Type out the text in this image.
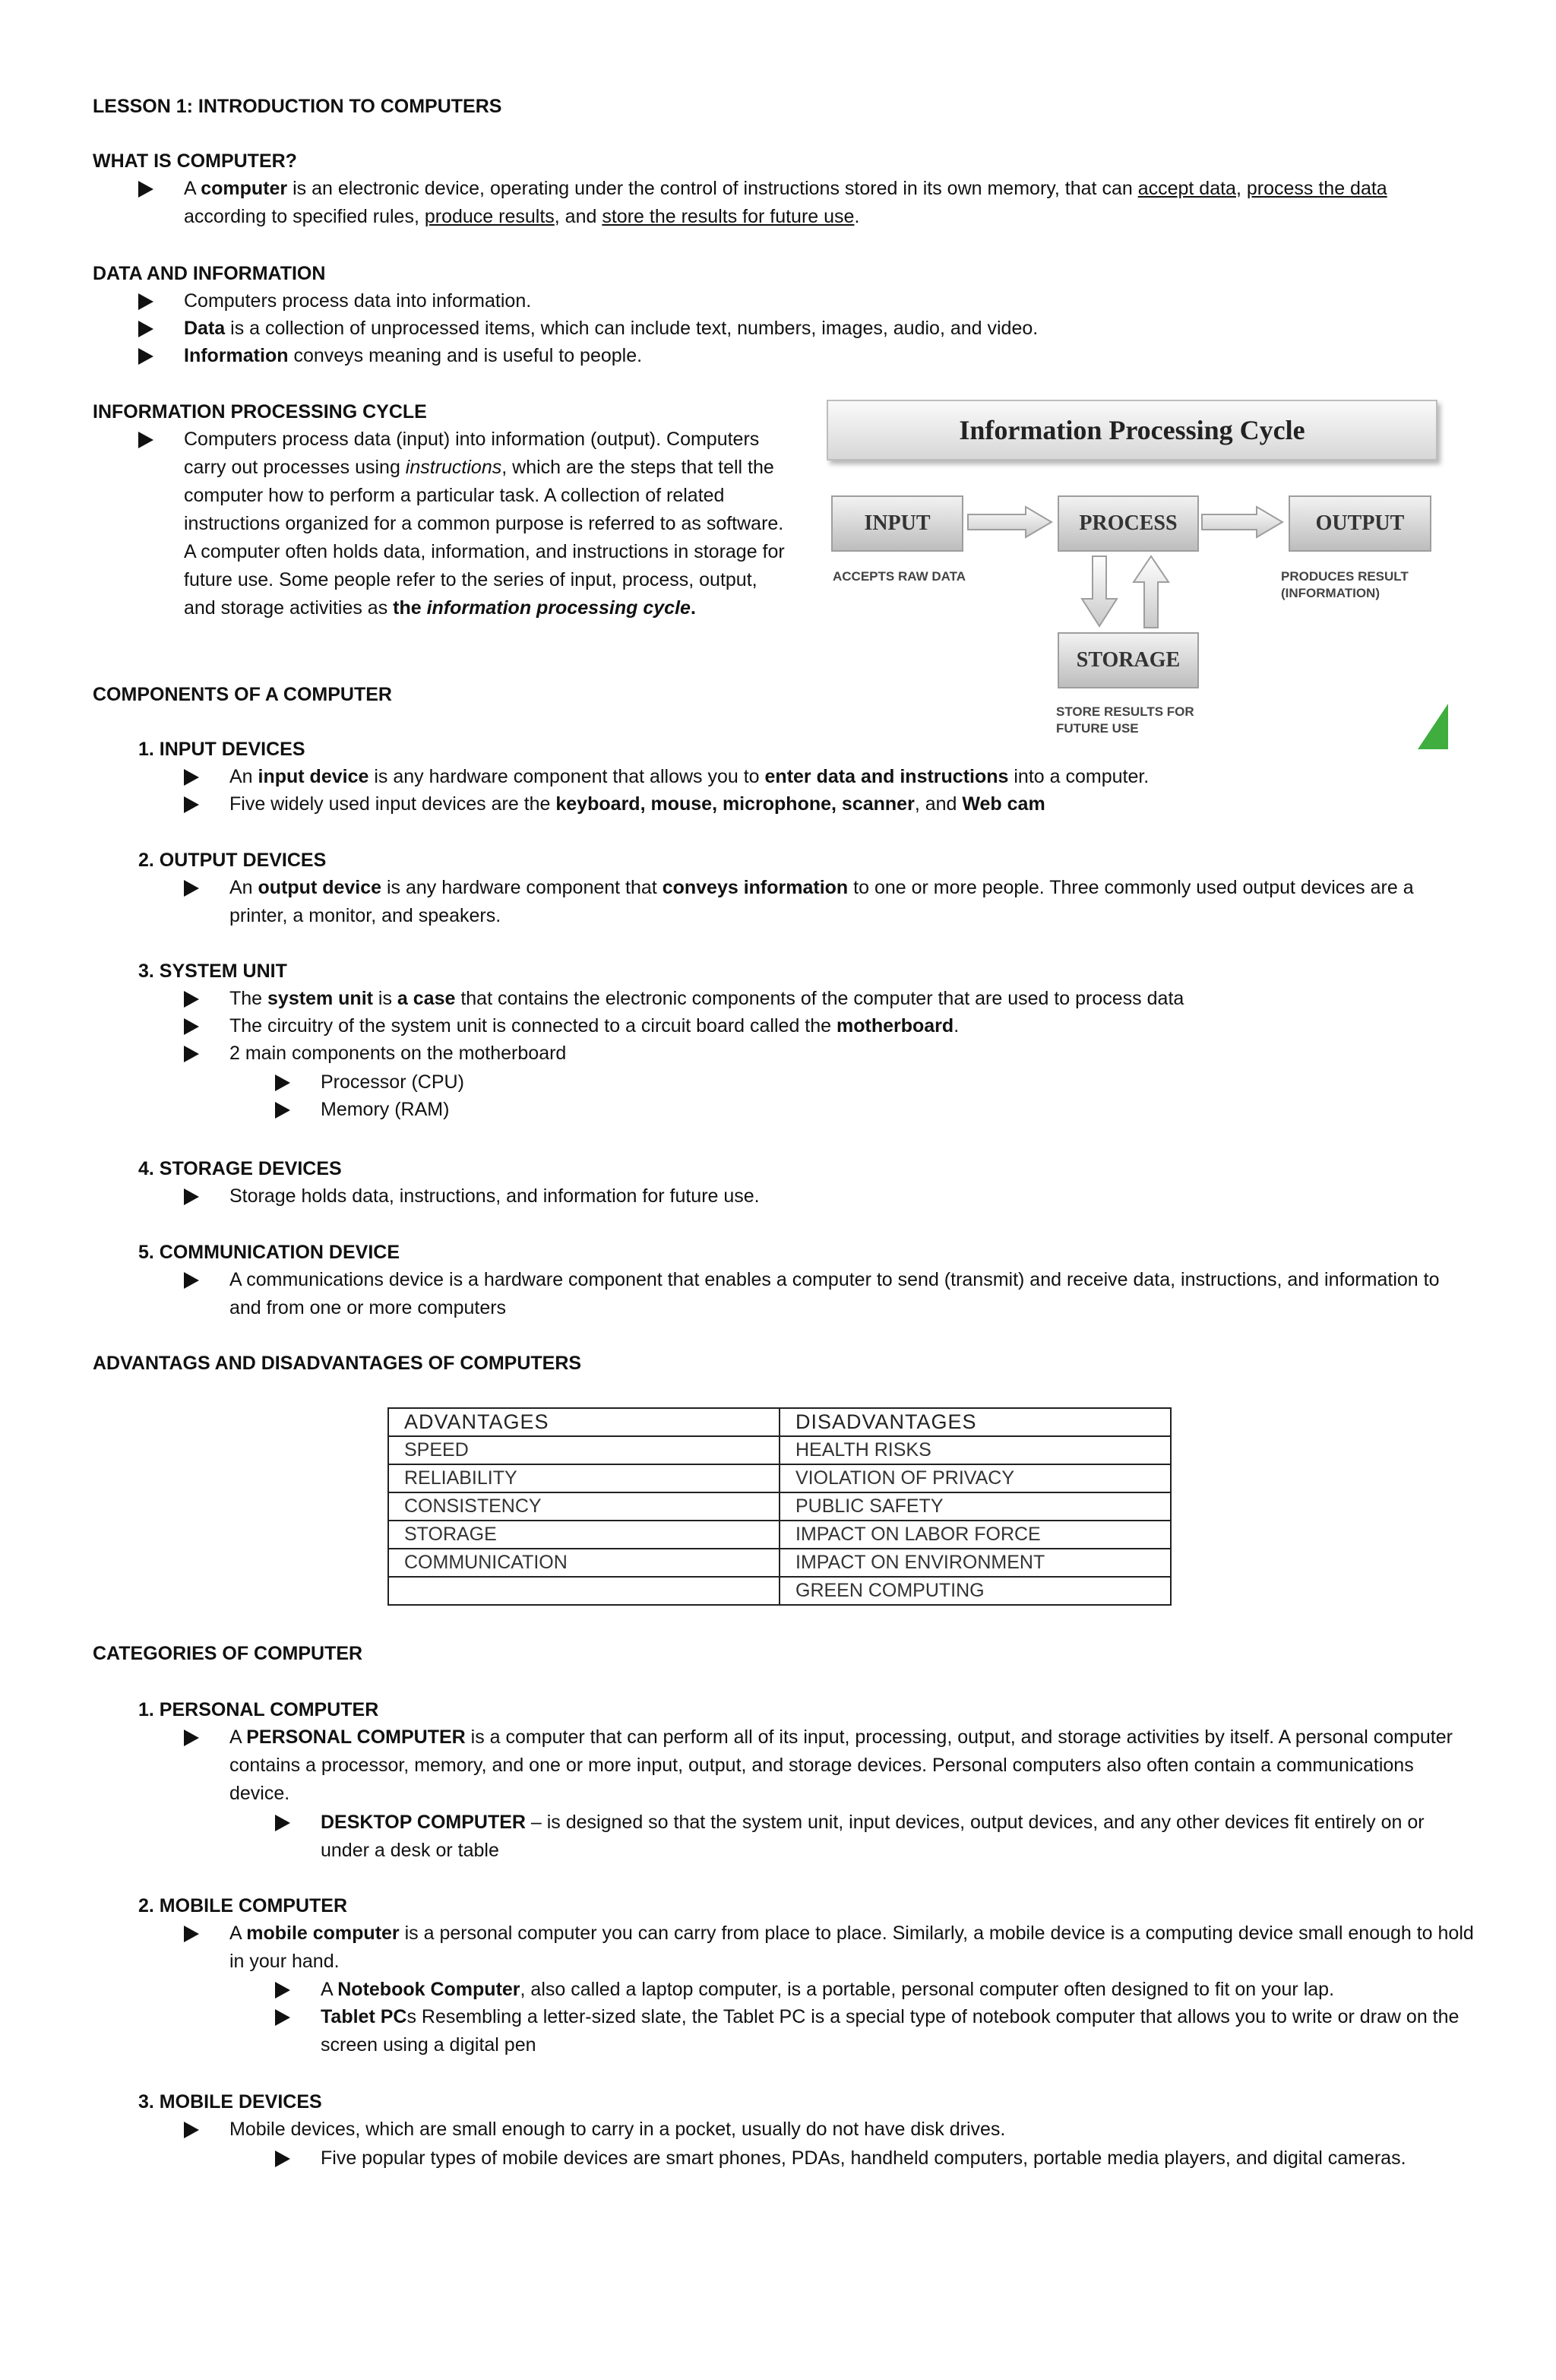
LESSON 1: INTRODUCTION TO COMPUTERS
WHAT IS COMPUTER?
A computer is an electronic device, operating under the control of instructions stored in its own memory, that can accept data, process the data according to specified rules, produce results, and store the results for future use.
DATA AND INFORMATION
Computers process data into information.
Data is a collection of unprocessed items, which can include text, numbers, images, audio, and video.
Information conveys meaning and is useful to people.
INFORMATION PROCESSING CYCLE
Computers process data (input) into information (output). Computers carry out processes using instructions, which are the steps that tell the computer how to perform a particular task. A collection of related instructions organized for a common purpose is referred to as software. A computer often holds data, information, and instructions in storage for future use. Some people refer to the series of input, process, output, and storage activities as the information processing cycle.
Information Processing Cycle
INPUT	PROCESS	OUTPUT
STORAGE
ACCEPTS RAW DATA	PRODUCES RESULT
(INFORMATION)
STORE RESULTS FOR
FUTURE USE
COMPONENTS OF A COMPUTER
1. INPUT DEVICES
An input device is any hardware component that allows you to enter data and instructions into a computer.
Five widely used input devices are the keyboard, mouse, microphone, scanner, and Web cam
2. OUTPUT DEVICES
An output device is any hardware component that conveys information to one or more people. Three commonly used output devices are a printer, a monitor, and speakers.
3. SYSTEM UNIT
The system unit is a case that contains the electronic components of the computer that are used to process data
The circuitry of the system unit is connected to a circuit board called the motherboard.
2 main components on the motherboard
Processor (CPU)
Memory (RAM)
4. STORAGE DEVICES
Storage holds data, instructions, and information for future use.
5. COMMUNICATION DEVICE
A communications device is a hardware component that enables a computer to send (transmit) and receive data, instructions, and information to and from one or more computers
ADVANTAGS AND DISADVANTAGES OF COMPUTERS
ADVANTAGES	DISADVANTAGES
SPEED	HEALTH RISKS
RELIABILITY	VIOLATION OF PRIVACY
CONSISTENCY	PUBLIC SAFETY
STORAGE	IMPACT ON LABOR FORCE
COMMUNICATION	IMPACT ON ENVIRONMENT
	GREEN COMPUTING
CATEGORIES OF COMPUTER
1. PERSONAL COMPUTER
A PERSONAL COMPUTER is a computer that can perform all of its input, processing, output, and storage activities by itself. A personal computer contains a processor, memory, and one or more input, output, and storage devices. Personal computers also often contain a communications device.
DESKTOP COMPUTER – is designed so that the system unit, input devices, output devices, and any other devices fit entirely on or under a desk or table
2. MOBILE COMPUTER
A mobile computer is a personal computer you can carry from place to place. Similarly, a mobile device is a computing device small enough to hold in your hand.
A Notebook Computer, also called a laptop computer, is a portable, personal computer often designed to fit on your lap.
Tablet PCs Resembling a letter-sized slate, the Tablet PC is a special type of notebook computer that allows you to write or draw on the screen using a digital pen
3. MOBILE DEVICES
Mobile devices, which are small enough to carry in a pocket, usually do not have disk drives.
Five popular types of mobile devices are smart phones, PDAs, handheld computers, portable media players, and digital cameras.
